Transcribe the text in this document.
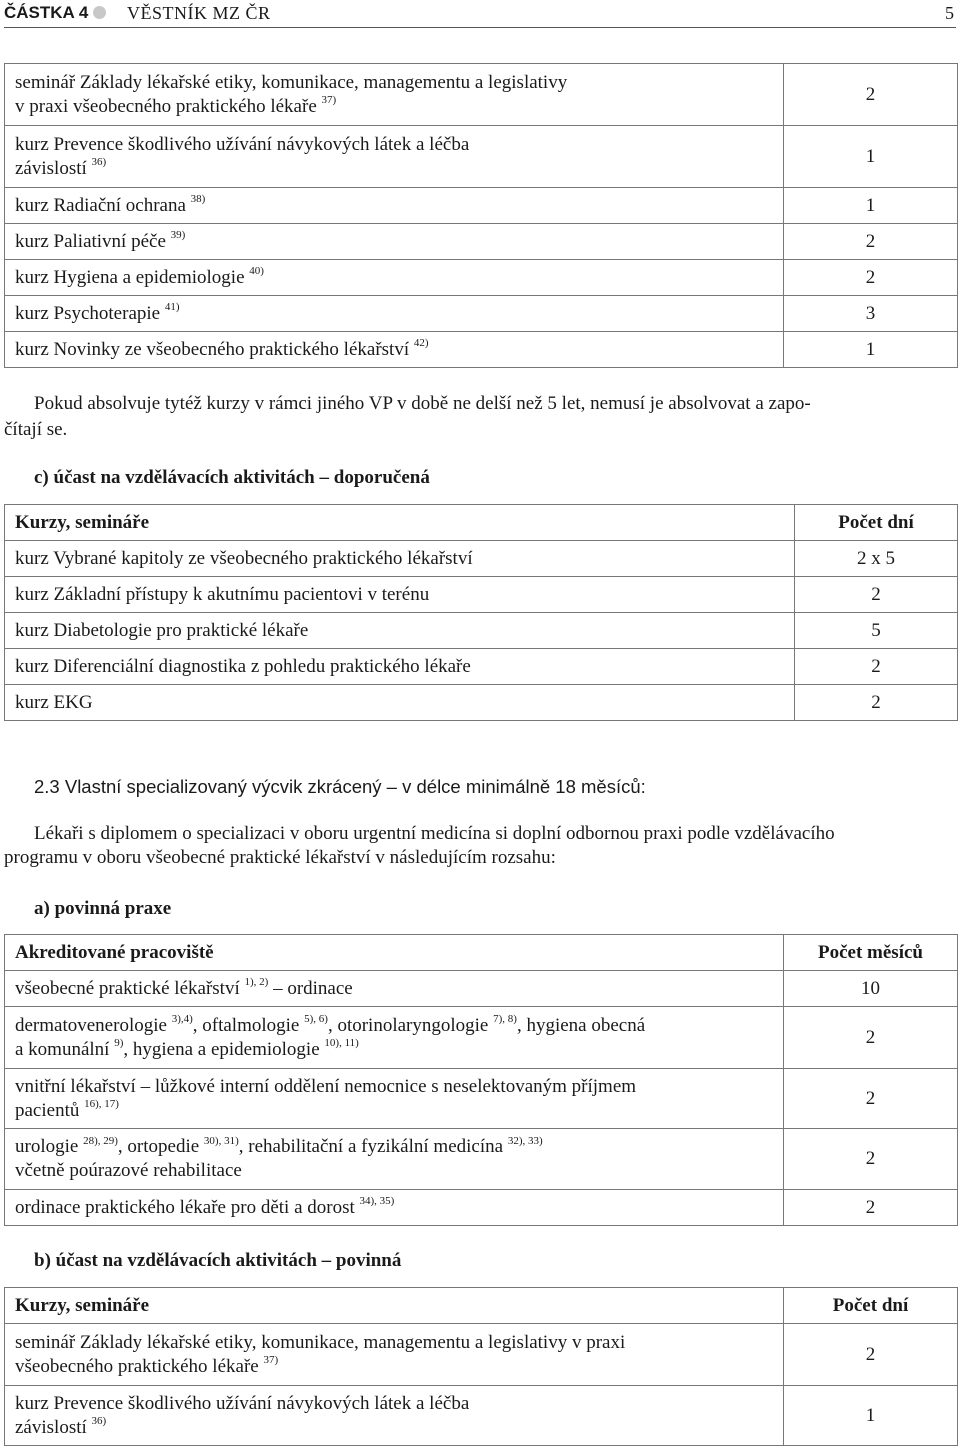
ČÁSTKA 4 VĚSTNÍK MZ ČR	5
seminář Základy lékařské etiky, komunikace, managementu a legislativy
v praxi všeobecného praktického lékaře $^{37)}$	2
kurz Prevence škodlivého užívání návykových látek a léčba
závislostí $^{36)}$	1
kurz Radiační ochrana $^{38)}$	1
kurz Paliativní péče $^{39)}$	2
kurz Hygiena a epidemiologie $^{40)}$	2
kurz Psychoterapie $^{41)}$	3
kurz Novinky ze všeobecného praktického lékařství $^{42)}$	1
Pokud absolvuje tytéž kurzy v rámci jiného VP v době ne delší než 5 let, nemusí je absolvovat a zapo-
čítají se.
c) účast na vzdělávacích aktivitách – doporučená
Kurzy, semináře	Počet dní
kurz Vybrané kapitoly ze všeobecného praktického lékařství	2 x 5
kurz Základní přístupy k akutnímu pacientovi v terénu	2
kurz Diabetologie pro praktické lékaře	5
kurz Diferenciální diagnostika z pohledu praktického lékaře	2
kurz EKG	2
2.3 Vlastní specializovaný výcvik zkrácený – v délce minimálně 18 měsíců:
Lékaři s diplomem o specializaci v oboru urgentní medicína si doplní odbornou praxi podle vzdělávacího
programu v oboru všeobecné praktické lékařství v následujícím rozsahu:
a) povinná praxe
Akreditované pracoviště	Počet měsíců
všeobecné praktické lékařství $^{1), 2)}$ – ordinace	10
dermatovenerologie $^{3),4)}$, oftalmologie $^{5), 6)}$, otorinolaryngologie $^{7), 8)}$, hygiena obecná
a komunální $^{9)}$, hygiena a epidemiologie $^{10), 11)}$	2
vnitřní lékařství – lůžkové interní oddělení nemocnice s neselektovaným příjmem
pacientů $^{16), 17)}$	2
urologie $^{28), 29)}$, ortopedie $^{30), 31)}$, rehabilitační a fyzikální medicína $^{32), 33)}$
včetně poúrazové rehabilitace	2
ordinace praktického lékaře pro děti a dorost $^{34), 35)}$	2
b) účast na vzdělávacích aktivitách – povinná
Kurzy, semináře	Počet dní
seminář Základy lékařské etiky, komunikace, managementu a legislativy v praxi
všeobecného praktického lékaře $^{37)}$	2
kurz Prevence škodlivého užívání návykových látek a léčba
závislostí $^{36)}$	1
